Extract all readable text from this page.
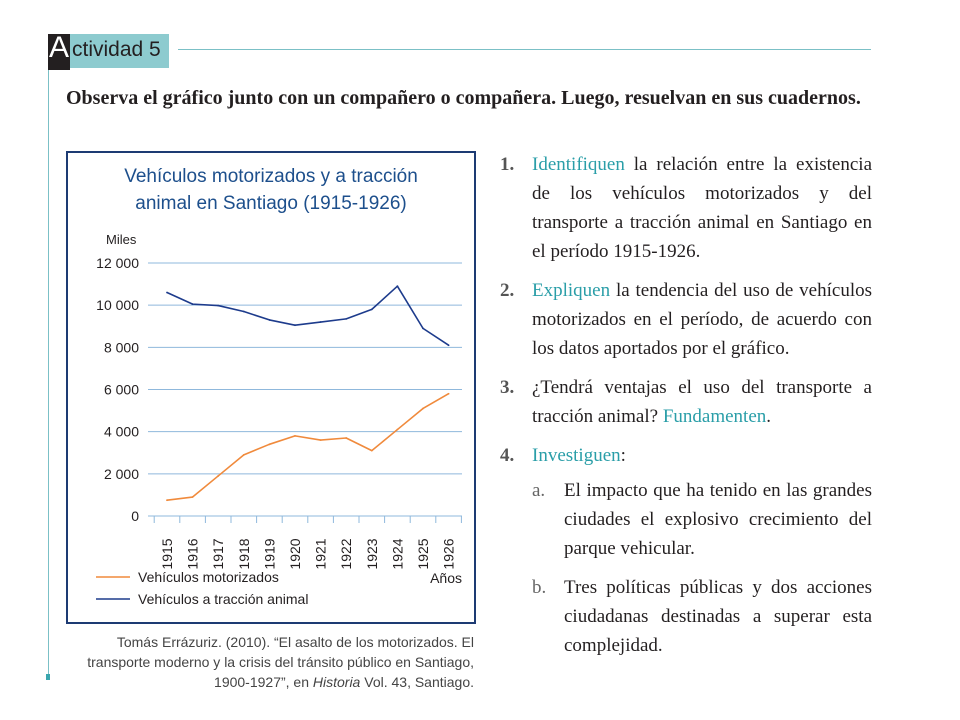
A ctividad 5
Observa el gráfico junto con un compañero o compañera. Luego, resuelvan en sus cuadernos.
Vehículos motorizados y a tracción
animal en Santiago (1915-1926)
Miles
0
2 000
4 000
6 000
8 000
10 000
12 000
1915 1916 1917 1918 1919 1920 1921 1922 1923 1924 1925 1926
Años
Vehículos motorizados
Vehículos a tracción animal
Tomás Errázuriz. (2010). “El asalto de los motorizados. El
transporte moderno y la crisis del tránsito público en Santiago,
1900-1927”, en Historia Vol. 43, Santiago.
1. Identifiquen la relación entre la existencia de los vehículos motorizados y del transporte a tracción animal en Santiago en el período 1915-1926.
2. Expliquen la tendencia del uso de vehículos motorizados en el período, de acuerdo con los datos aportados por el gráfico.
3. ¿Tendrá ventajas el uso del transporte a tracción animal? Fundamenten.
4. Investiguen:
a. El impacto que ha tenido en las grandes ciudades el explosivo crecimiento del parque vehicular.
b. Tres políticas públicas y dos acciones ciudadanas destinadas a superar esta complejidad.
